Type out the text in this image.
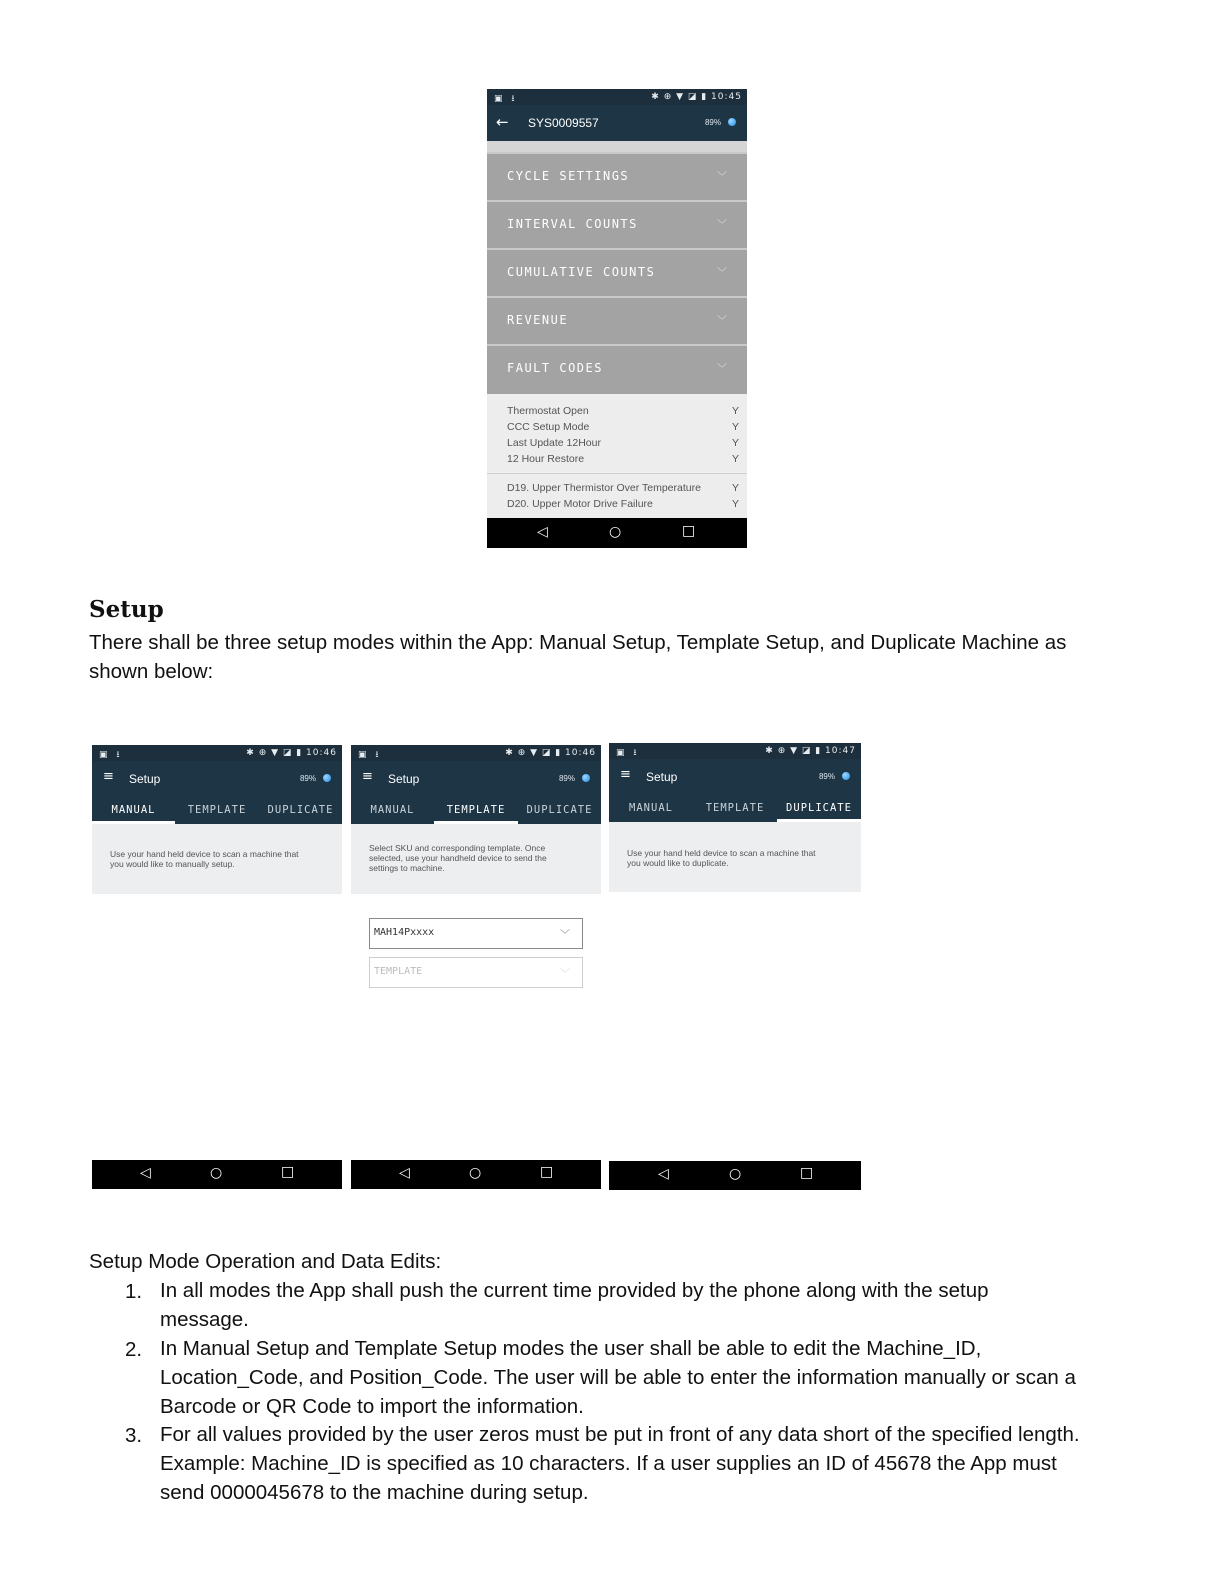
▣ ⭳	✱ ⊕ ▼ ◪ ▮ 10:45
← SYS0009557	89%
CYCLE SETTINGS	﹀
INTERVAL COUNTS	﹀
CUMULATIVE COUNTS	﹀
REVENUE	﹀
FAULT CODES	﹀
Thermostat Open	Y
CCC Setup Mode	Y
Last Update 12Hour	Y
12 Hour Restore	Y
D19. Upper Thermistor Over Temperature	Y
D20. Upper Motor Drive Failure	Y
◁	○	□
Setup
There shall be three setup modes within the App: Manual Setup, Template Setup, and Duplicate Machine as
shown below:
▣ ⭳	✱ ⊕ ▼ ◪ ▮ 10:46
≡ Setup	89%
MANUAL	TEMPLATE	DUPLICATE
Use your hand held device to scan a machine that
you would like to manually setup.
◁	○	□
▣ ⭳	✱ ⊕ ▼ ◪ ▮ 10:46
≡ Setup	89%
MANUAL	TEMPLATE	DUPLICATE
Select SKU and corresponding template. Once
selected, use your handheld device to send the
settings to machine.
MAH14Pxxxx	﹀
TEMPLATE	﹀
◁	○	□
▣ ⭳	✱ ⊕ ▼ ◪ ▮ 10:47
≡ Setup	89%
MANUAL	TEMPLATE	DUPLICATE
Use your hand held device to scan a machine that
you would like to duplicate.
◁	○	□
Setup Mode Operation and Data Edits:
1. In all modes the App shall push the current time provided by the phone along with the setup
message.
2. In Manual Setup and Template Setup modes the user shall be able to edit the Machine_ID,
Location_Code, and Position_Code. The user will be able to enter the information manually or scan a
Barcode or QR Code to import the information.
3. For all values provided by the user zeros must be put in front of any data short of the specified length.
Example: Machine_ID is specified as 10 characters. If a user supplies an ID of 45678 the App must
send 0000045678 to the machine during setup.
